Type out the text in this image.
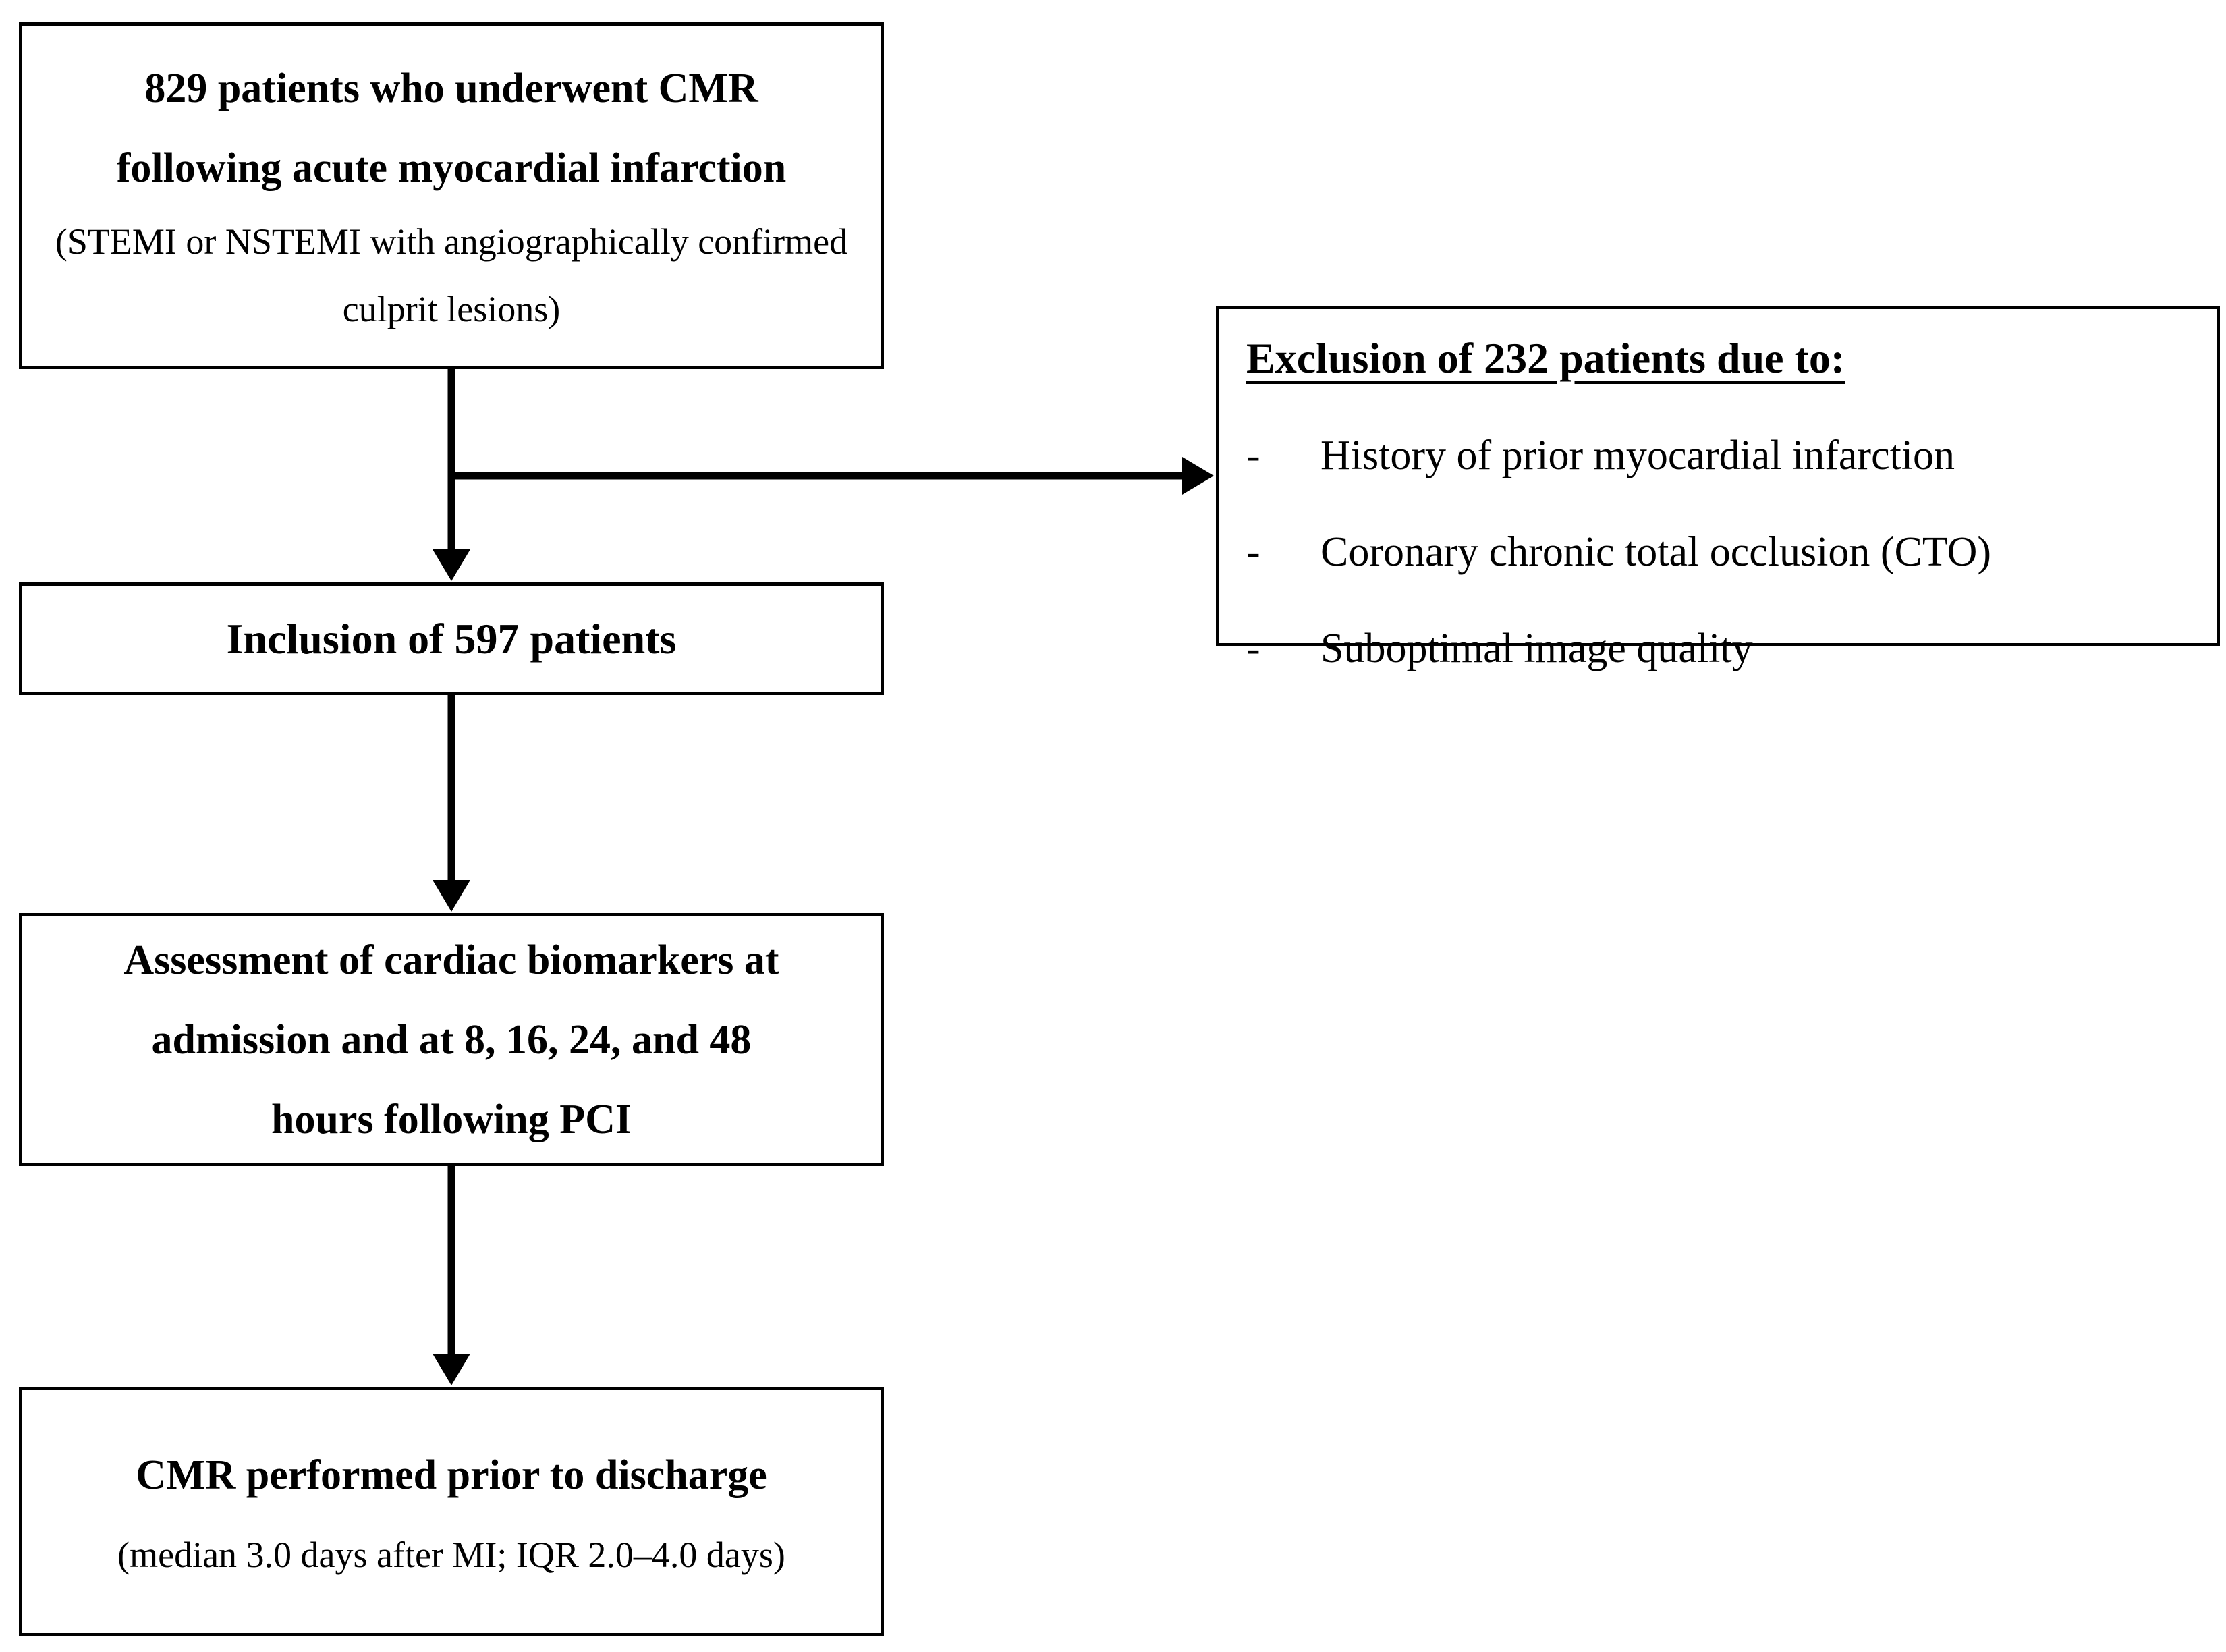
829 patients who underwent CMR
following acute myocardial infarction
(STEMI or NSTEMI with angiographically confirmed
culprit lesions)
Exclusion of 232 patients due to:
-	History of prior myocardial infarction
-	Coronary chronic total occlusion (CTO)
-	Suboptimal image quality
Inclusion of 597 patients
Assessment of cardiac biomarkers at
admission and at 8, 16, 24, and 48
hours following PCI
CMR performed prior to discharge
(median 3.0 days after MI; IQR 2.0–4.0 days)
